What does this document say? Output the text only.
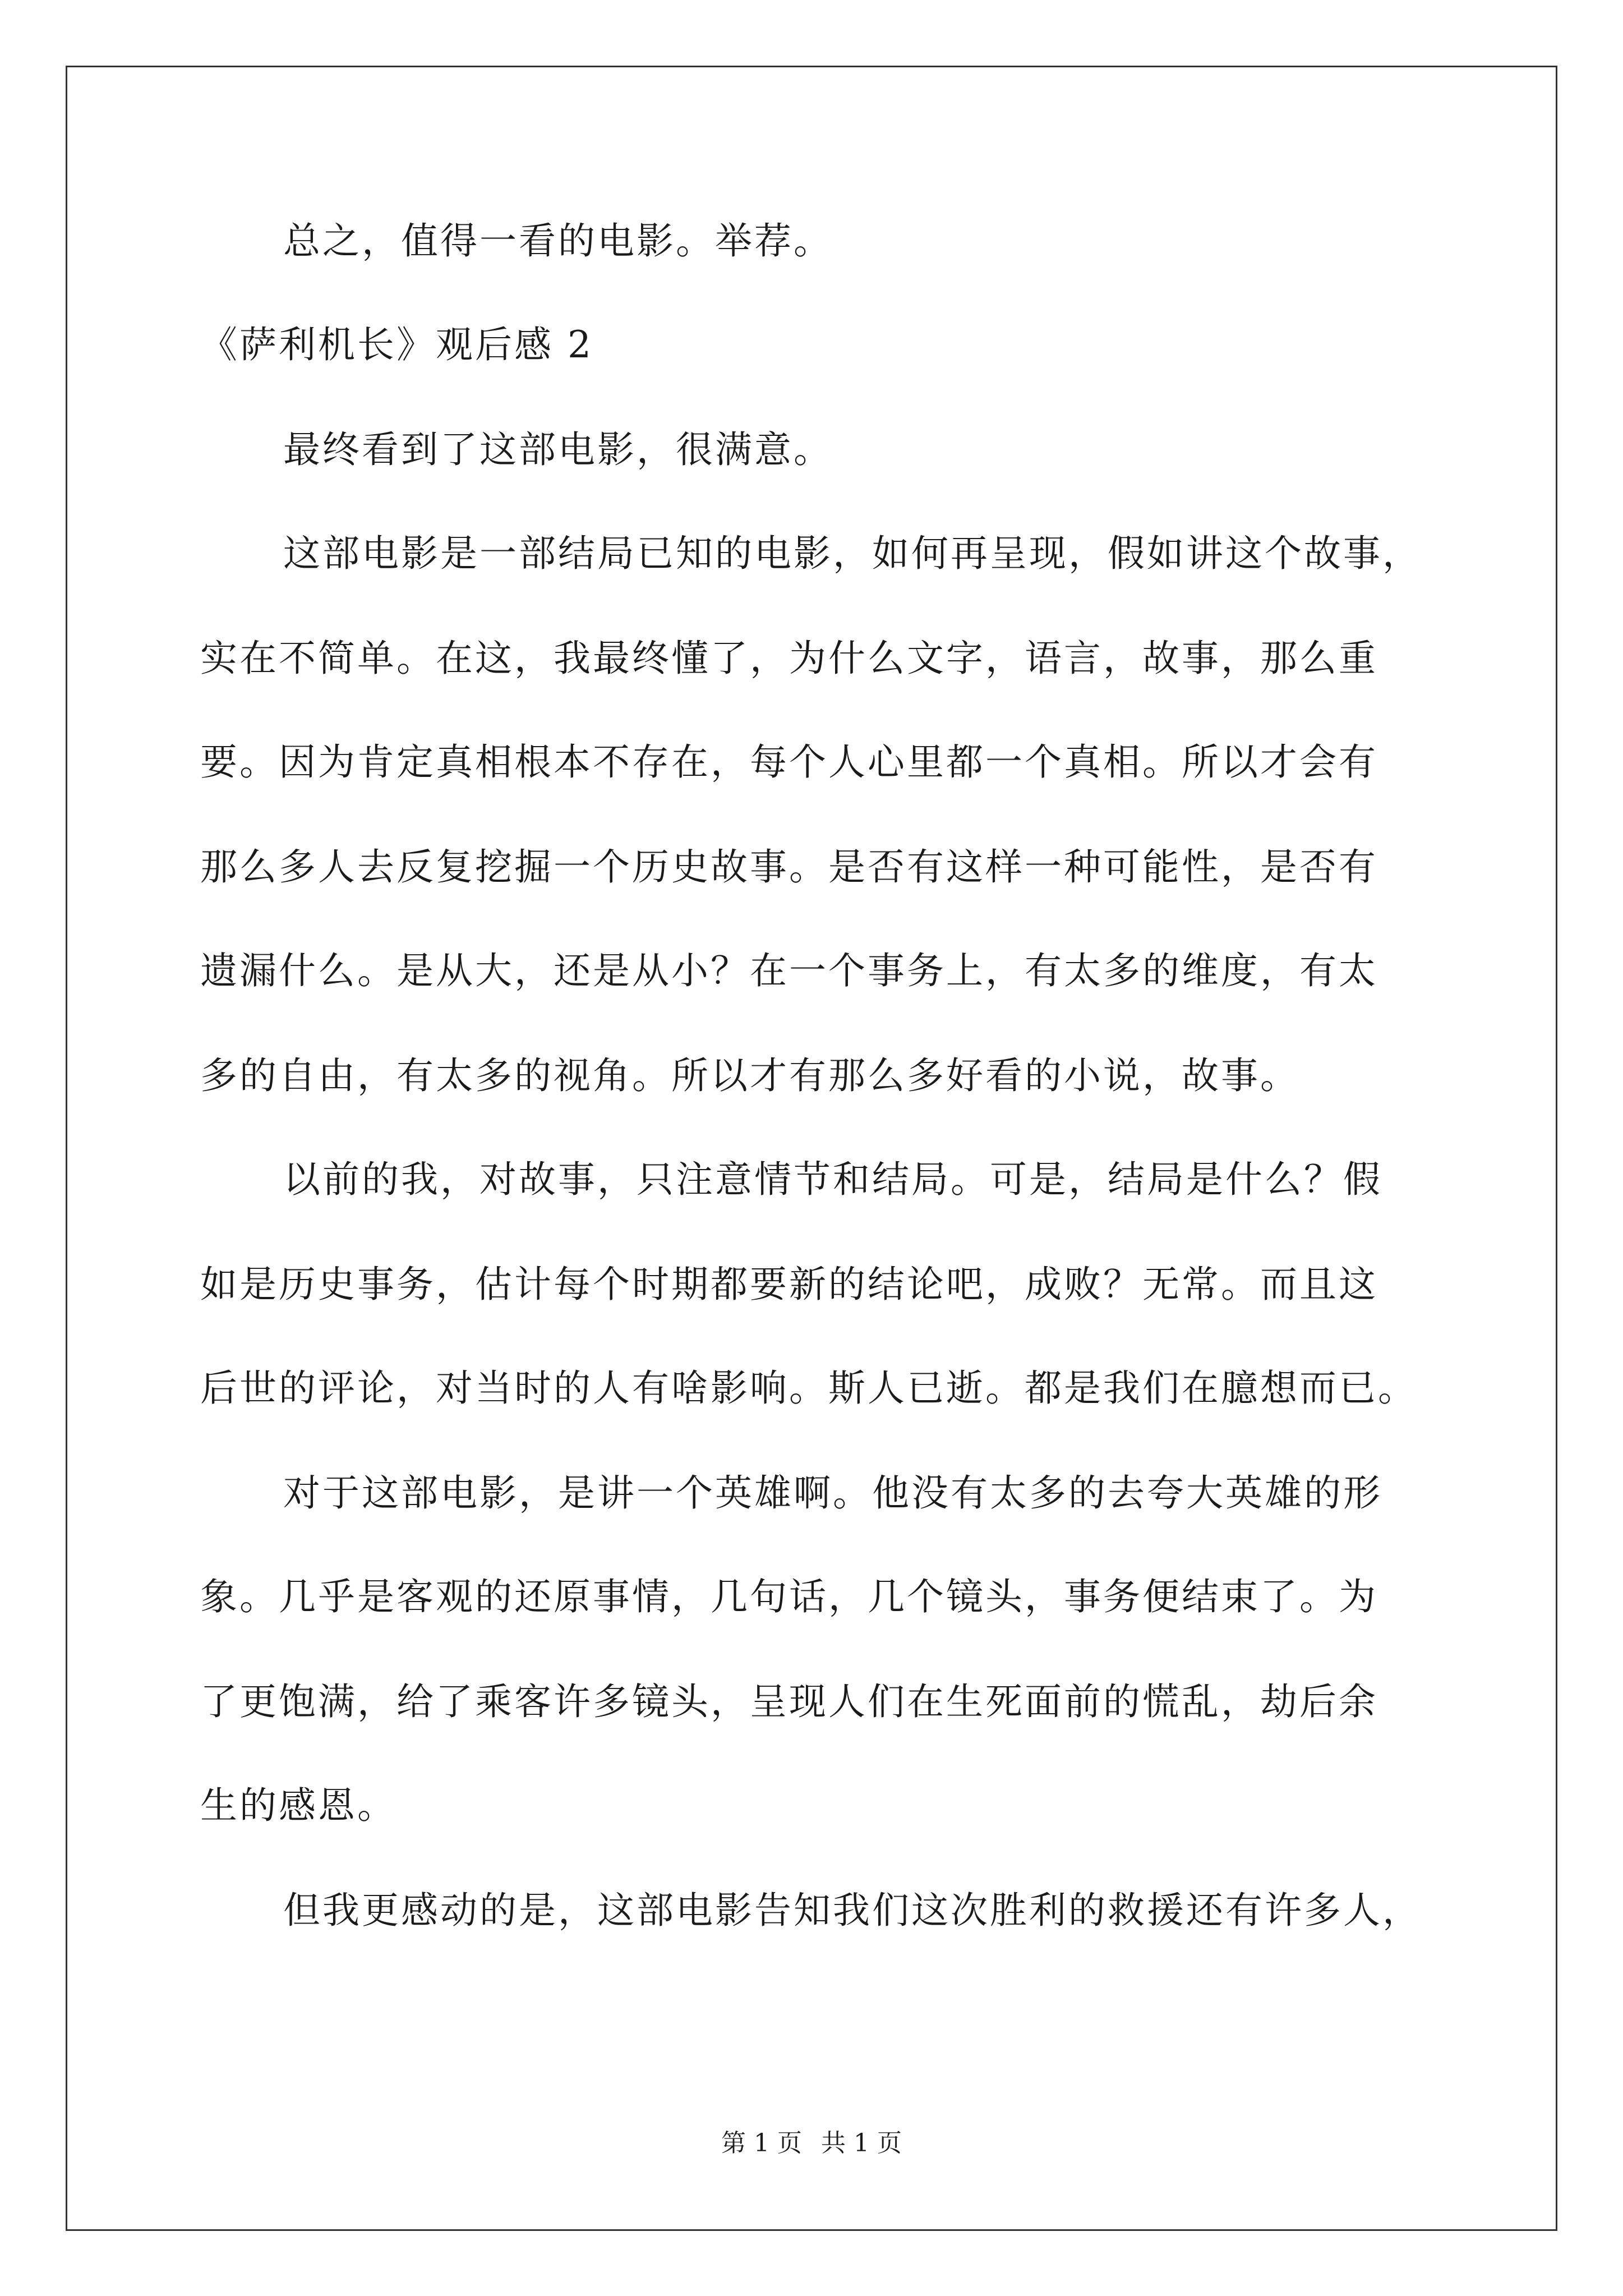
总之，值得一看的电影。举荐。
《萨利机长》观后感 2
最终看到了这部电影，很满意。
这部电影是一部结局已知的电影，如何再呈现，假如讲这个故事，
实在不简单。在这，我最终懂了，为什么文字，语言，故事，那么重
要。因为肯定真相根本不存在，每个人心里都一个真相。所以才会有
那么多人去反复挖掘一个历史故事。是否有这样一种可能性，是否有
遗漏什么。是从大，还是从小？在一个事务上，有太多的维度，有太
多的自由，有太多的视角。所以才有那么多好看的小说，故事。
以前的我，对故事，只注意情节和结局。可是，结局是什么？假
如是历史事务，估计每个时期都要新的结论吧，成败？无常。而且这
后世的评论，对当时的人有啥影响。斯人已逝。都是我们在臆想而已。
对于这部电影，是讲一个英雄啊。他没有太多的去夸大英雄的形
象。几乎是客观的还原事情，几句话，几个镜头，事务便结束了。为
了更饱满，给了乘客许多镜头，呈现人们在生死面前的慌乱，劫后余
生的感恩。
但我更感动的是，这部电影告知我们这次胜利的救援还有许多人，
第 1 页 共 1 页
